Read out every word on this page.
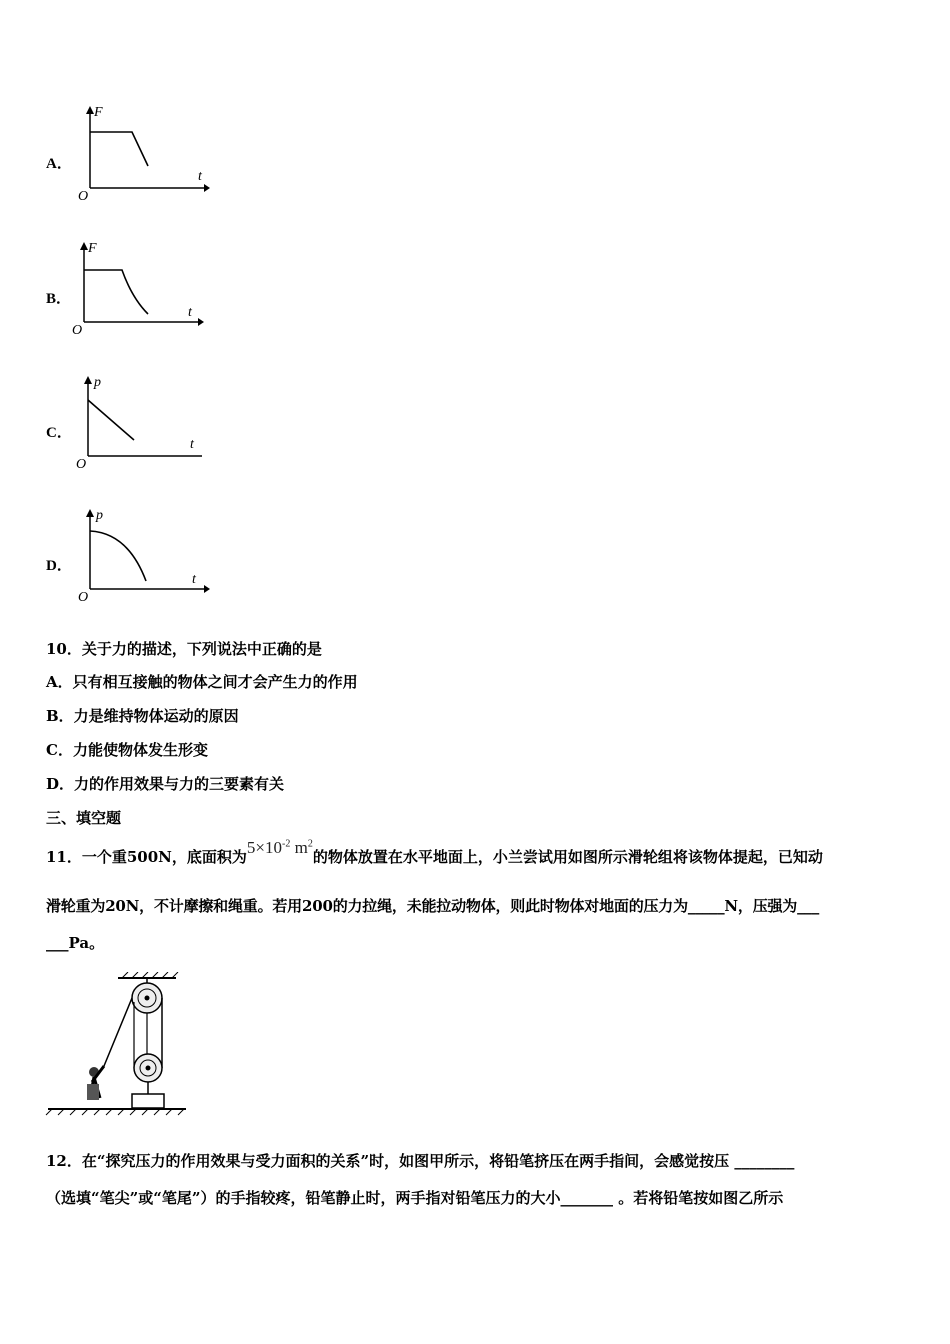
A．
F
t
O
B．
F
t
O
C．
p
t
O
D．
p
t
O
10．关于力的描述，下列说法中正确的是
A．只有相互接触的物体之间才会产生力的作用
B．力是维持物体运动的原因
C．力能使物体发生形变
D．力的作用效果与力的三要素有关
三、填空题
11．一个重500N，底面积为$5\times 10^{-2}$ $m^2$的物体放置在水平地面上，小兰尝试用如图所示滑轮组将该物体提起，已知动
滑轮重为20N，不计摩擦和绳重。若用200的力拉绳，未能拉动物体，则此时物体对地面的压力为_____N，压强为___
___Pa。
12．在“探究压力的作用效果与受力面积的关系”时，如图甲所示，将铅笔挤压在两手指间，会感觉按压 ________
（选填“笔尖”或“笔尾”）的手指较疼，铅笔静止时，两手指对铅笔压力的大小_______ 。若将铅笔按如图乙所示
